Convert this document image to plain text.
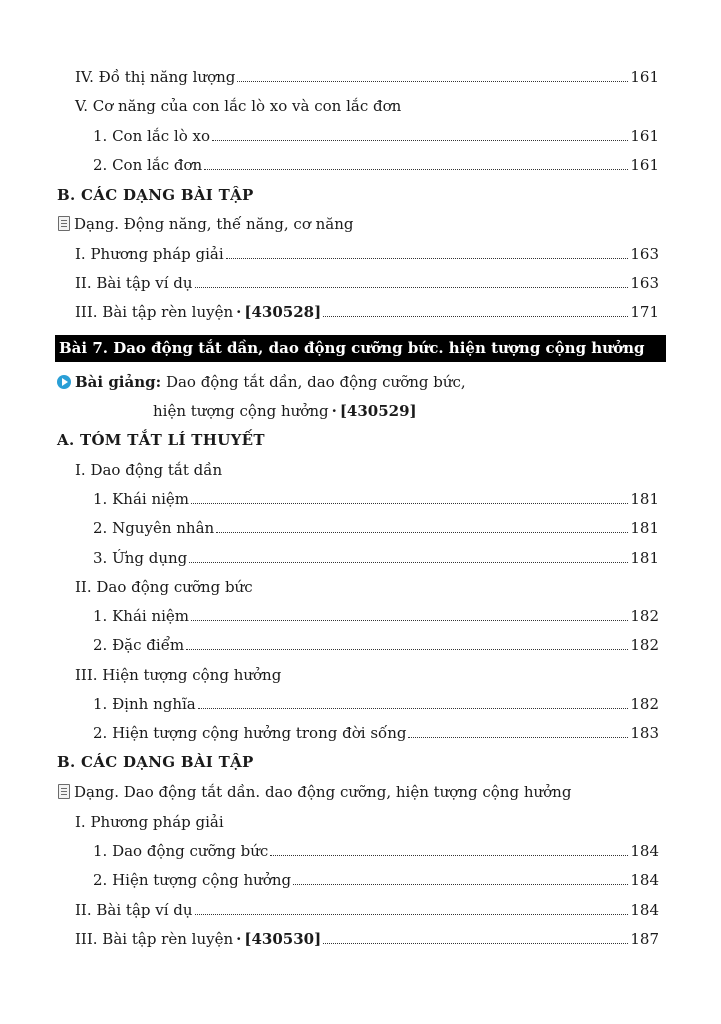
IV. Đồ thị năng lượng	161
V. Cơ năng của con lắc lò xo và con lắc đơn
1. Con lắc lò xo	161
2. Con lắc đơn	161
B. CÁC DẠNG BÀI TẬP
Dạng. Động năng, thế năng, cơ năng
I. Phương pháp giải	163
II. Bài tập ví dụ	163
III. Bài tập rèn luyện · [430528]	171
Bài 7. Dao động tắt dần, dao động cưỡng bức. hiện tượng cộng hưởng
Bài giảng: Dao động tắt dần, dao động cưỡng bức,
hiện tượng cộng hưởng · [430529]
A. TÓM TẮT LÍ THUYẾT
I. Dao động tắt dần
1. Khái niệm	181
2. Nguyên nhân	181
3. Ứng dụng	181
II. Dao động cưỡng bức
1. Khái niệm	182
2. Đặc điểm	182
III. Hiện tượng cộng hưởng
1. Định nghĩa	182
2. Hiện tượng cộng hưởng trong đời sống	183
B. CÁC DẠNG BÀI TẬP
Dạng. Dao động tắt dần. dao động cưỡng, hiện tượng cộng hưởng
I. Phương pháp giải
1. Dao động cưỡng bức	184
2. Hiện tượng cộng hưởng	184
II. Bài tập ví dụ	184
III. Bài tập rèn luyện · [430530]	187
